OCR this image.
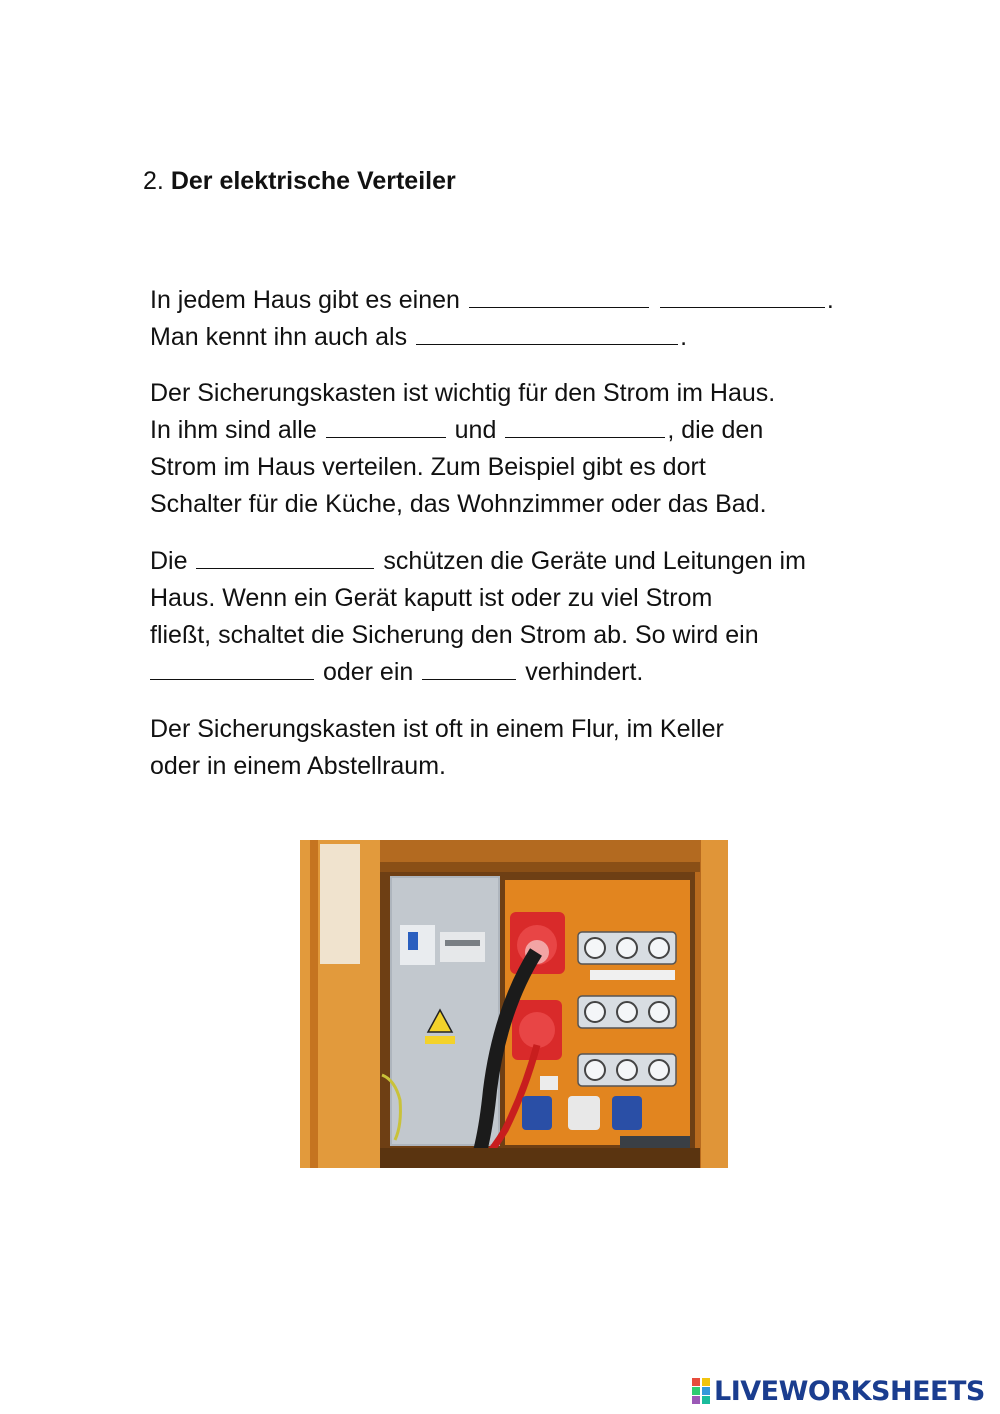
2. Der elektrische Verteiler
In jedem Haus gibt es einen	.
Man kennt ihn auch als	.
Der Sicherungskasten ist wichtig für den Strom im Haus.
In ihm sind alle	und	, die den
Strom im Haus verteilen. Zum Beispiel gibt es dort
Schalter für die Küche, das Wohnzimmer oder das Bad.
Die	schützen die Geräte und Leitungen im
Haus. Wenn ein Gerät kaputt ist oder zu viel Strom
fließt, schaltet die Sicherung den Strom ab. So wird ein
oder ein	verhindert.
Der Sicherungskasten ist oft in einem Flur, im Keller
oder in einem Abstellraum.
LIVEWORKSHEETS
